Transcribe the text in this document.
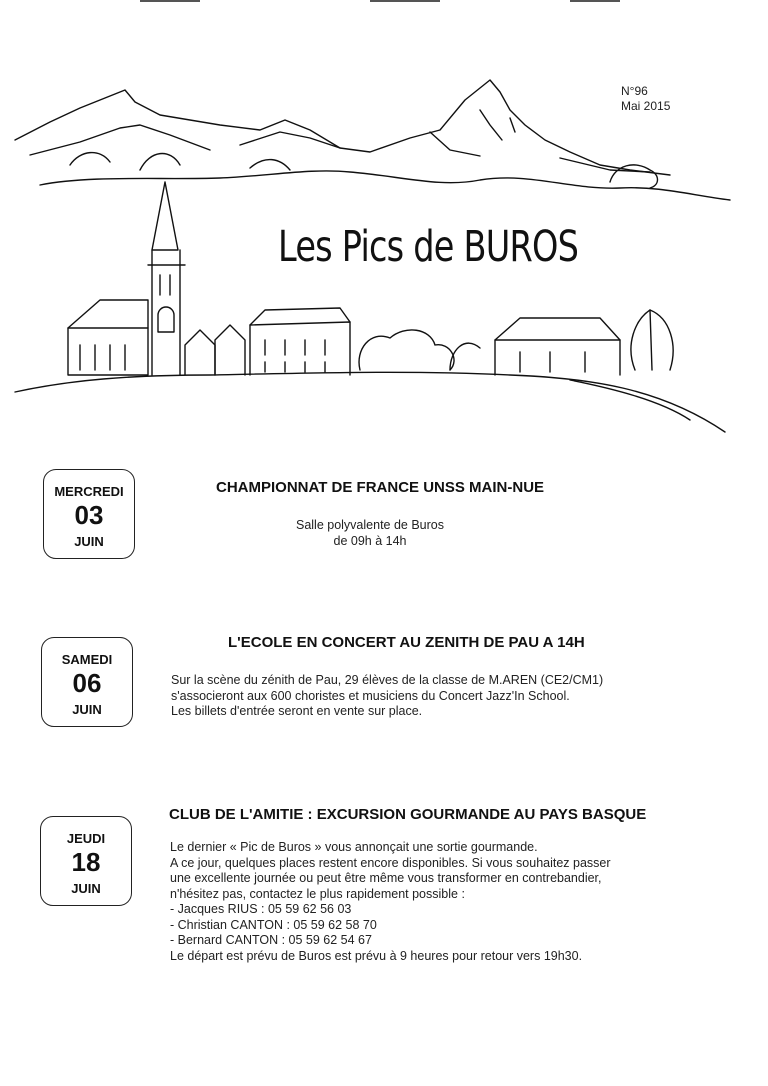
N°96
Mai 2015
Les Pics de BUROS
MERCREDI
03
JUIN
CHAMPIONNAT DE FRANCE UNSS MAIN-NUE
Salle polyvalente de Buros
de 09h à 14h
SAMEDI
06
JUIN
L'ECOLE EN CONCERT AU ZENITH DE PAU A 14H
Sur la scène du zénith de Pau, 29 élèves de la classe de M.AREN (CE2/CM1)
s'associeront aux 600 choristes et musiciens du Concert Jazz'In School.
Les billets d'entrée seront en vente sur place.
JEUDI
18
JUIN
CLUB DE L'AMITIE : EXCURSION GOURMANDE AU PAYS BASQUE
Le dernier « Pic de Buros » vous annonçait une sortie gourmande.
A ce jour, quelques places restent encore disponibles. Si vous souhaitez passer
une excellente journée ou peut être même vous transformer en contrebandier,
n'hésitez pas, contactez le plus rapidement possible :
- Jacques RIUS : 05 59 62 56 03
- Christian CANTON : 05 59 62 58 70
- Bernard CANTON : 05 59 62 54 67
Le départ est prévu de Buros est prévu à 9 heures pour retour vers 19h30.
